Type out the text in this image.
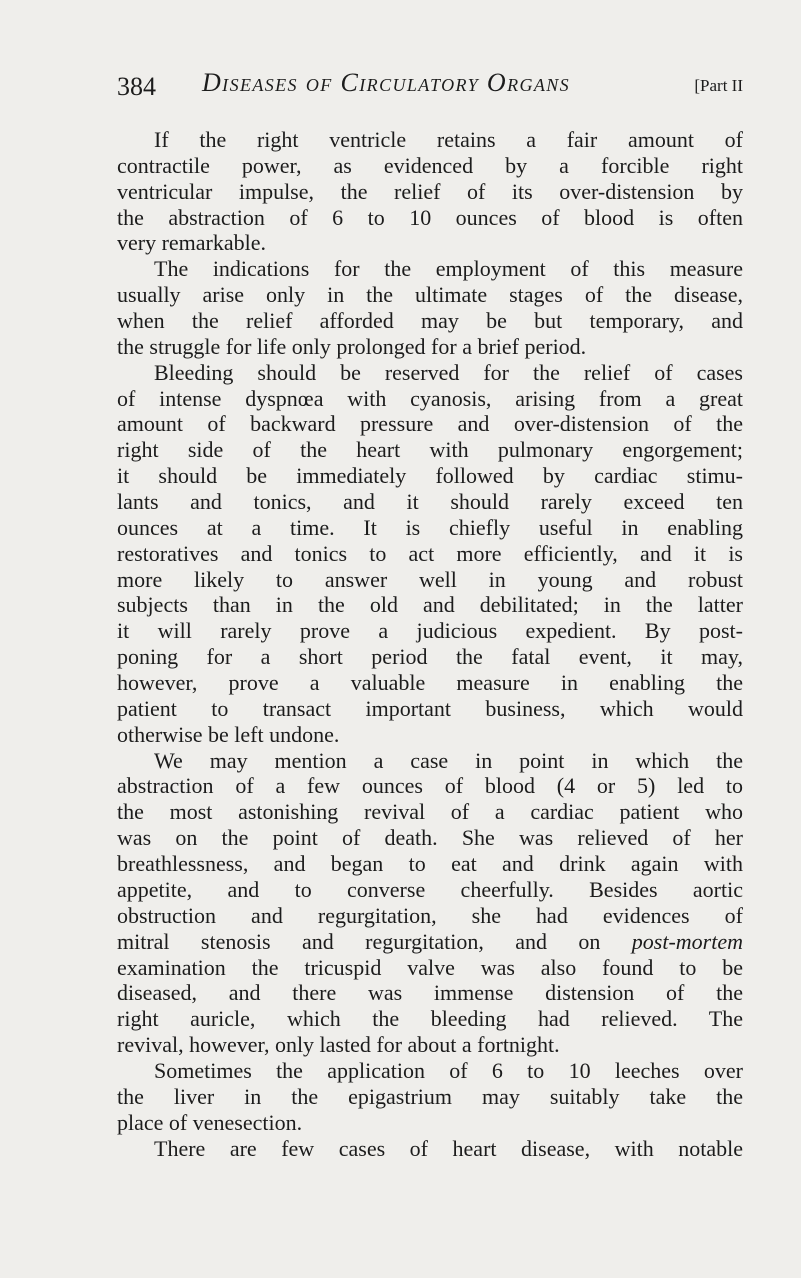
384 Diseases of Circulatory Organs	[Part II
If the right ventricle retains a fair amount of
contractile power, as evidenced by a forcible right
ventricular impulse, the relief of its over-distension by
the abstraction of 6 to 10 ounces of blood is often
very remarkable.
The indications for the employment of this measure
usually arise only in the ultimate stages of the disease,
when the relief afforded may be but temporary, and
the struggle for life only prolonged for a brief period.
Bleeding should be reserved for the relief of cases
of intense dyspnœa with cyanosis, arising from a great
amount of backward pressure and over-distension of the
right side of the heart with pulmonary engorgement;
it should be immediately followed by cardiac stimu-
lants and tonics, and it should rarely exceed ten
ounces at a time. It is chiefly useful in enabling
restoratives and tonics to act more efficiently, and it is
more likely to answer well in young and robust
subjects than in the old and debilitated; in the latter
it will rarely prove a judicious expedient. By post-
poning for a short period the fatal event, it may,
however, prove a valuable measure in enabling the
patient to transact important business, which would
otherwise be left undone.
We may mention a case in point in which the
abstraction of a few ounces of blood (4 or 5) led to
the most astonishing revival of a cardiac patient who
was on the point of death. She was relieved of her
breathlessness, and began to eat and drink again with
appetite, and to converse cheerfully. Besides aortic
obstruction and regurgitation, she had evidences of
mitral stenosis and regurgitation, and on post-mortem
examination the tricuspid valve was also found to be
diseased, and there was immense distension of the
right auricle, which the bleeding had relieved. The
revival, however, only lasted for about a fortnight.
Sometimes the application of 6 to 10 leeches over
the liver in the epigastrium may suitably take the
place of venesection.
There are few cases of heart disease, with notable
